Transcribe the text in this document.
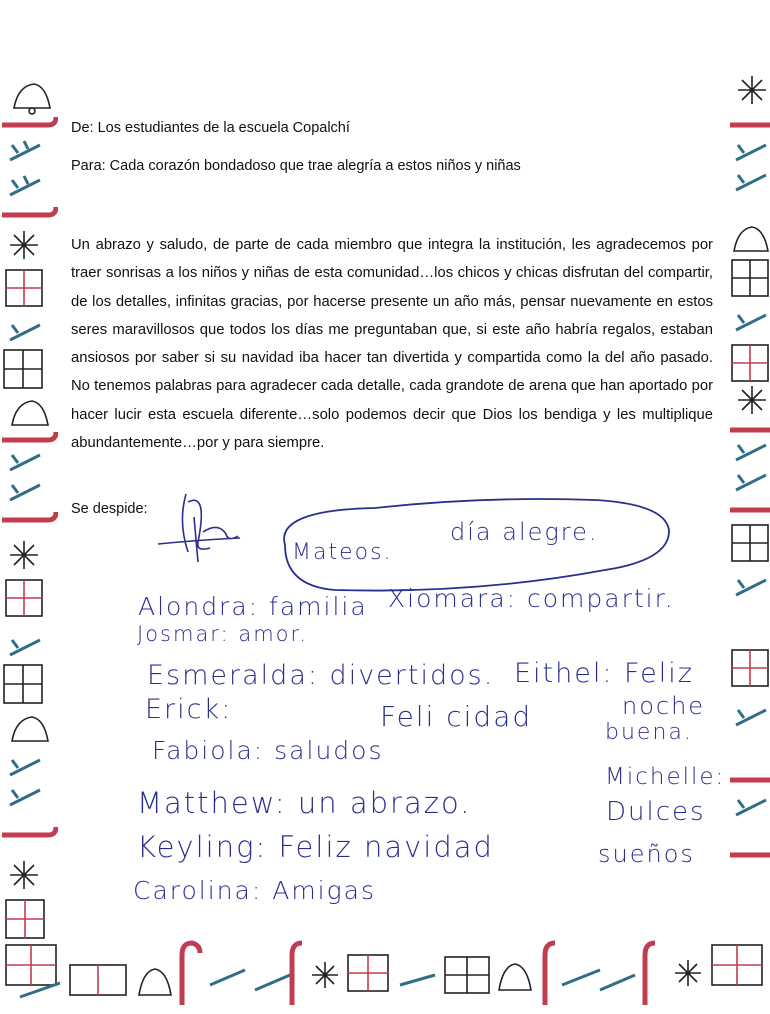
De: Los estudiantes de la escuela Copalchí
Para: Cada corazón bondadoso que trae alegría a estos niños y niñas
Un abrazo y saludo, de parte de cada miembro que integra la institución, les agradecemos por traer sonrisas a los niños y niñas de esta comunidad…los chicos y chicas disfrutan del compartir, de los detalles, infinitas gracias, por hacerse presente un año más, pensar nuevamente en estos seres maravillosos que todos los días me preguntaban que, si este año habría regalos, estaban ansiosos por saber si su navidad iba hacer tan divertida y compartida como la del año pasado. No tenemos palabras para agradecer cada detalle, cada grandote de arena que han aportado por hacer lucir esta escuela diferente…solo podemos decir que Dios los bendiga y les multiplique abundantemente…por y para siempre.
Se despide:
Mateos.
día alegre.
Alondra: familia Xiomara: compartir.
Josmar: amor.
Esmeralda: divertidos. Eithel: Feliz
noche
buena.
Erick:	Feli cidad
Fabiola: saludos
Michelle:
Matthew: un abrazo.	Dulces
Keyling: Feliz navidad	sueños
Carolina: Amigas
